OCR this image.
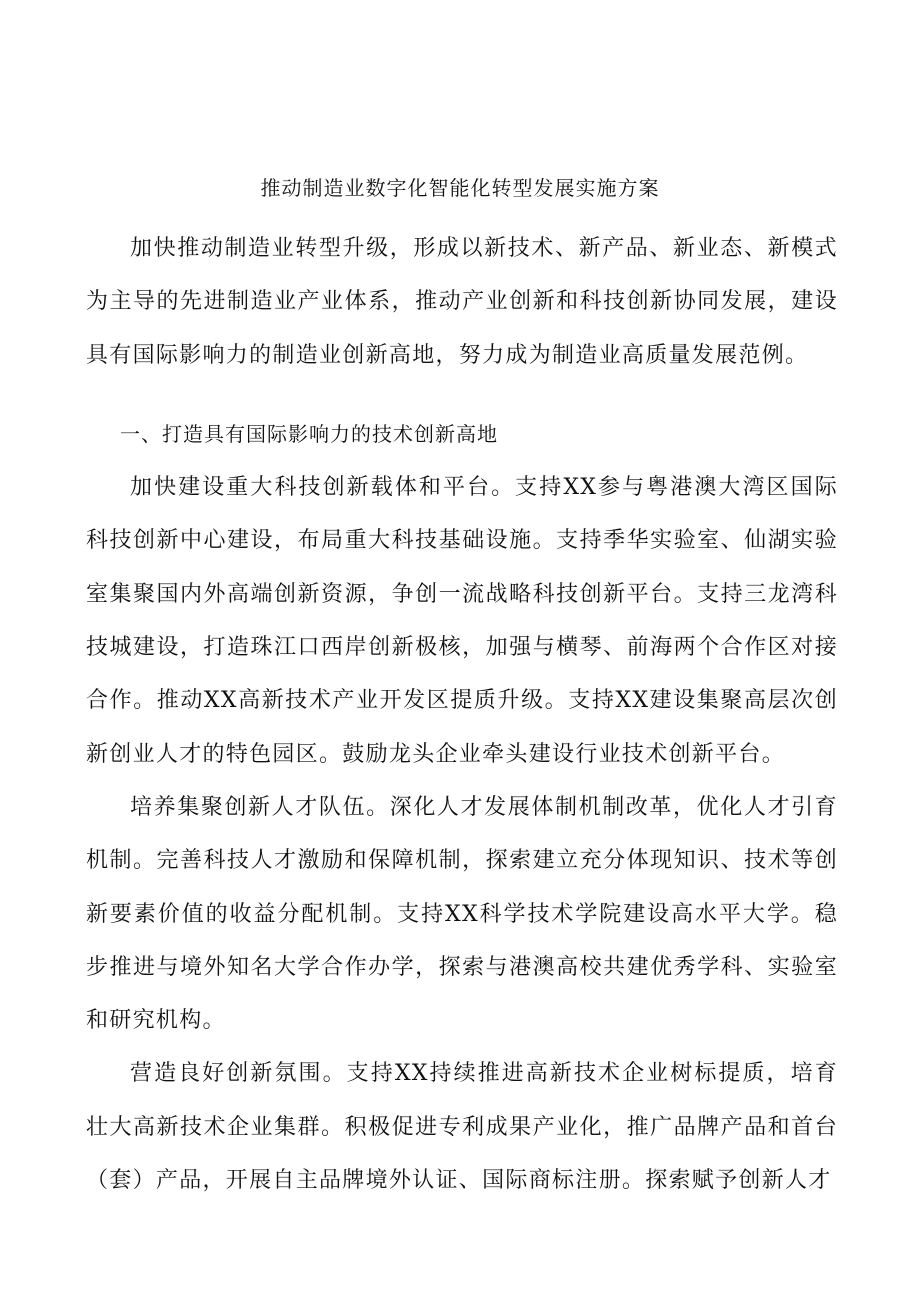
推动制造业数字化智能化转型发展实施方案

加快推动制造业转型升级，形成以新技术、新产品、新业态、新模式为主导的先进制造业产业体系，推动产业创新和科技创新协同发展，建设具有国际影响力的制造业创新高地，努力成为制造业高质量发展范例。

一、打造具有国际影响力的技术创新高地

加快建设重大科技创新载体和平台。支持XX参与粤港澳大湾区国际科技创新中心建设，布局重大科技基础设施。支持季华实验室、仙湖实验室集聚国内外高端创新资源，争创一流战略科技创新平台。支持三龙湾科技城建设，打造珠江口西岸创新极核，加强与横琴、前海两个合作区对接合作。推动XX高新技术产业开发区提质升级。支持XX建设集聚高层次创新创业人才的特色园区。鼓励龙头企业牵头建设行业技术创新平台。

培养集聚创新人才队伍。深化人才发展体制机制改革，优化人才引育机制。完善科技人才激励和保障机制，探索建立充分体现知识、技术等创新要素价值的收益分配机制。支持XX科学技术学院建设高水平大学。稳步推进与境外知名大学合作办学，探索与港澳高校共建优秀学科、实验室和研究机构。

营造良好创新氛围。支持XX持续推进高新技术企业树标提质，培育壮大高新技术企业集群。积极促进专利成果产业化，推广品牌产品和首台（套）产品，开展自主品牌境外认证、国际商标注册。探索赋予创新人才
